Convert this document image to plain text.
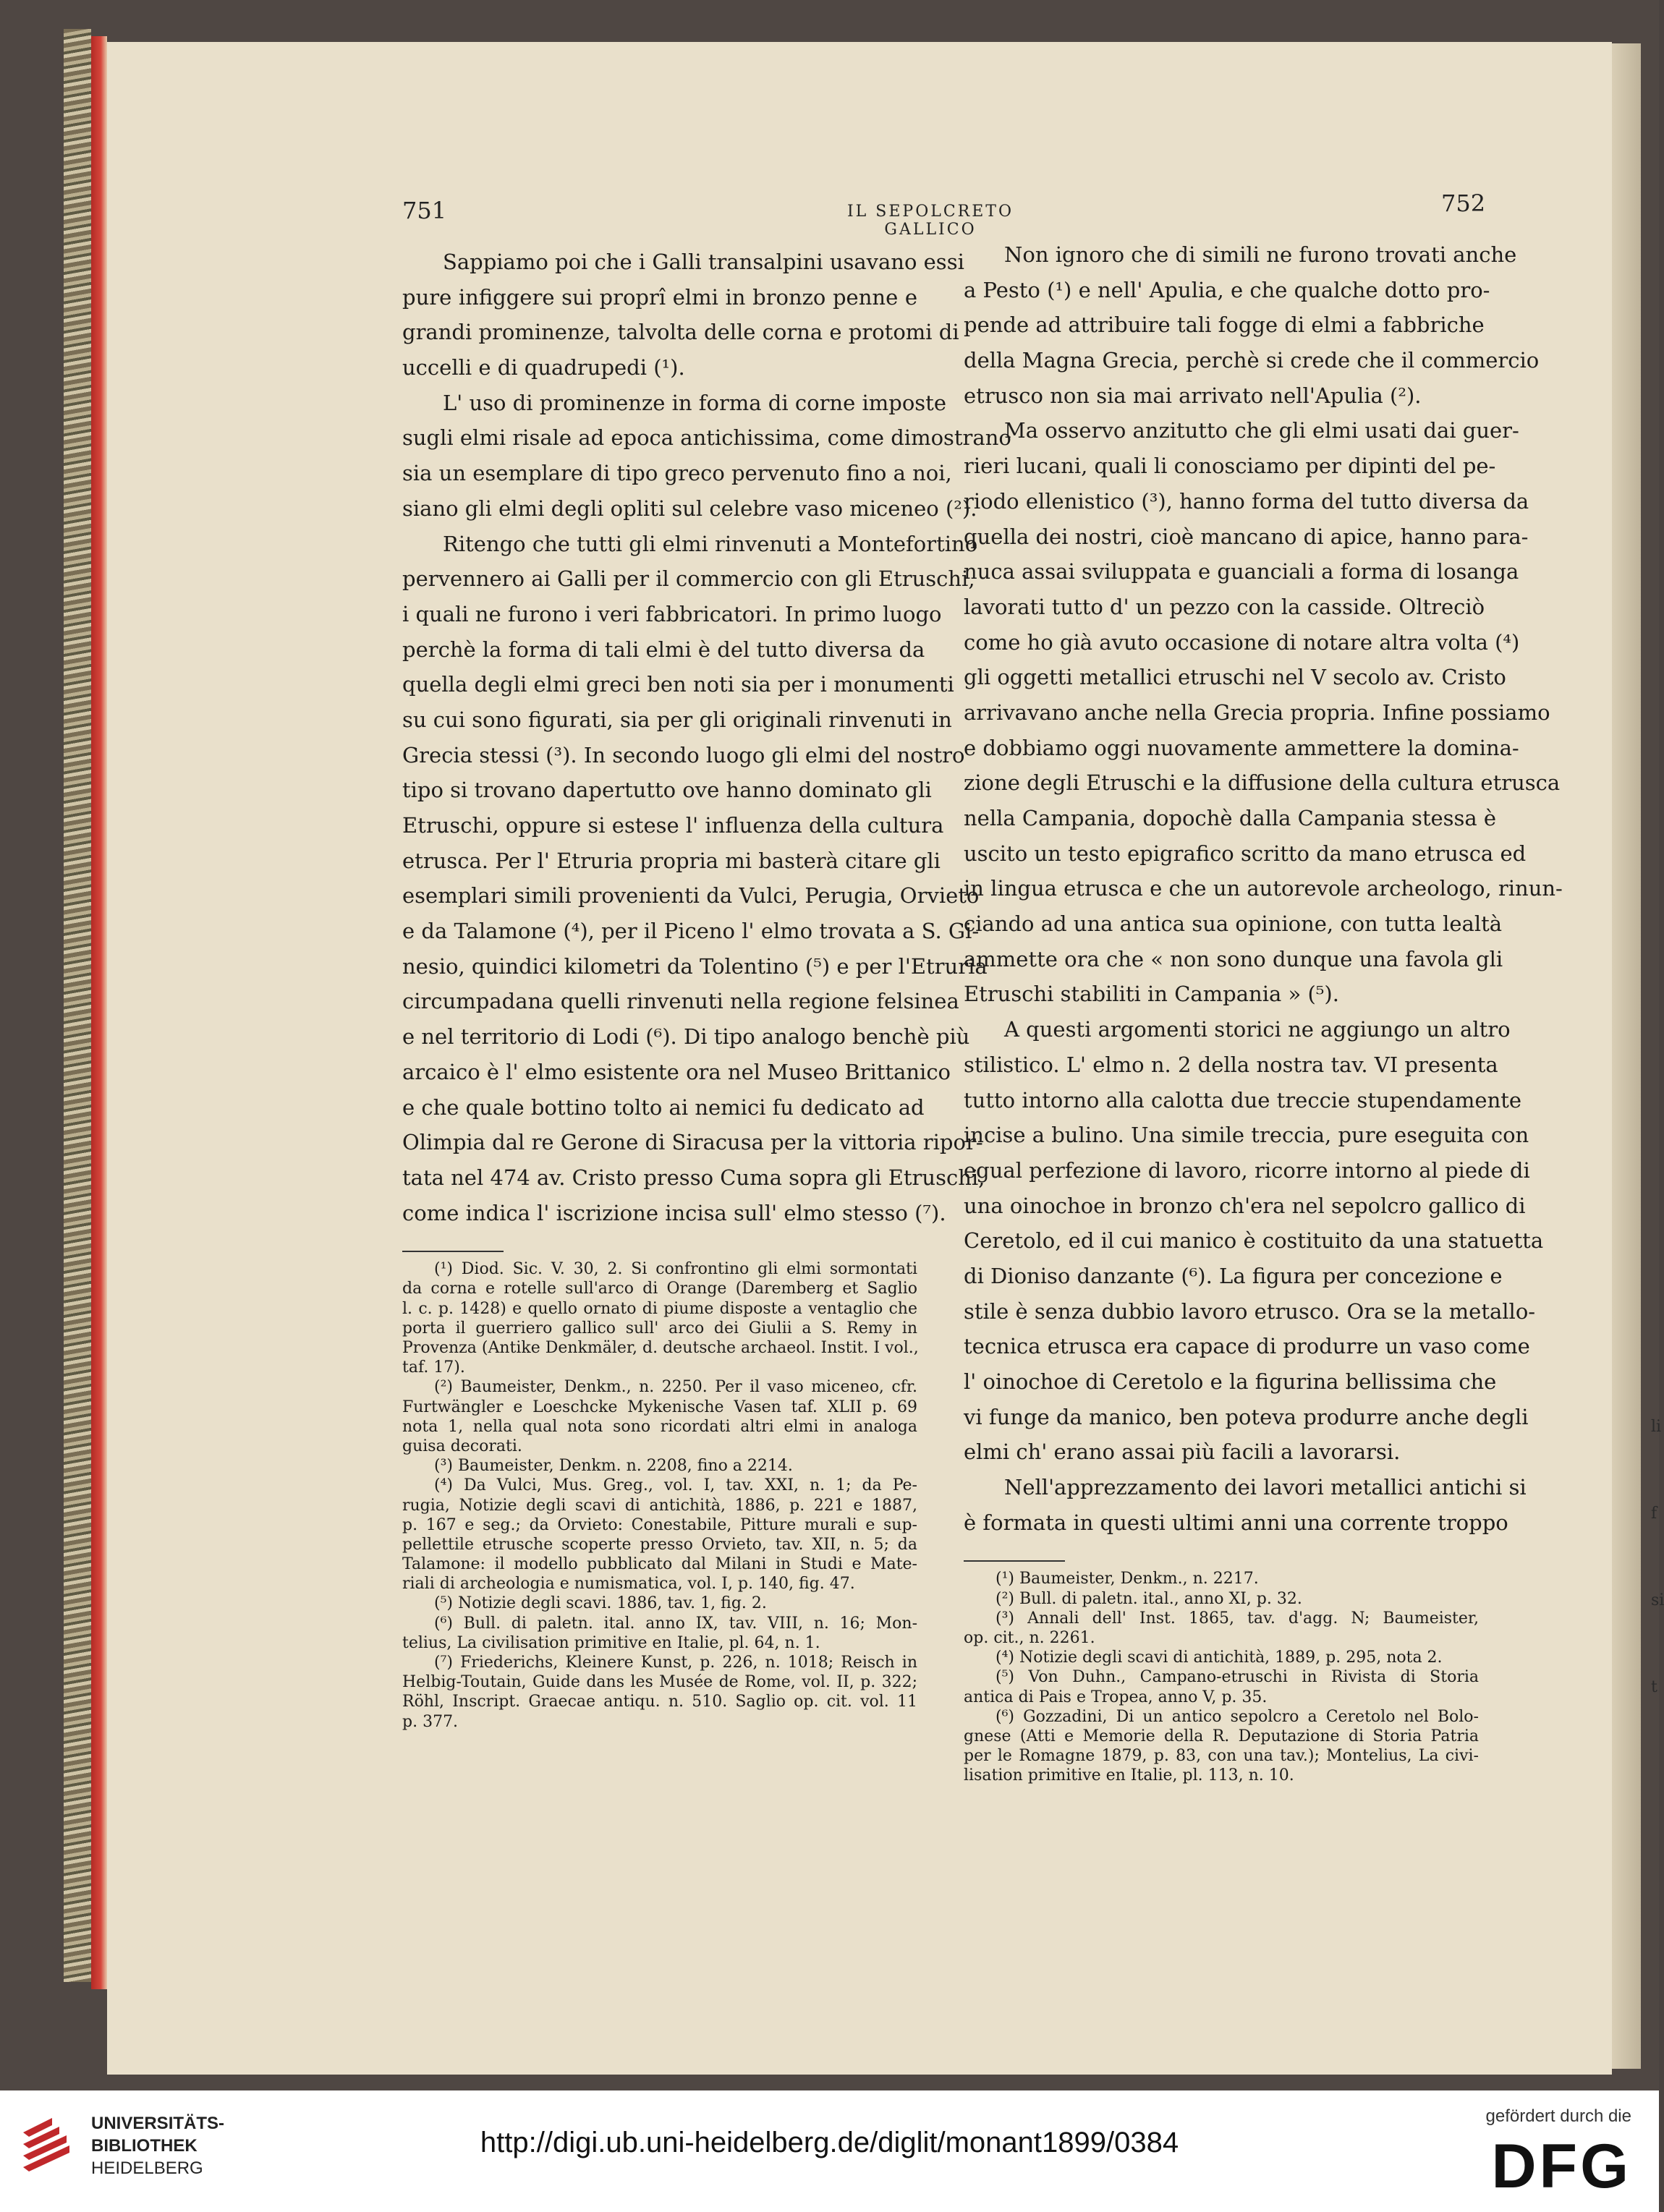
751	IL SEPOLCRETO GALLICO
752
Sappiamo poi che i Galli transalpini usavano essi
pure infiggere sui proprî elmi in bronzo penne e
grandi prominenze, talvolta delle corna e protomi di
uccelli e di quadrupedi (¹).
L' uso di prominenze in forma di corne imposte
sugli elmi risale ad epoca antichissima, come dimostrano
sia un esemplare di tipo greco pervenuto fino a noi,
siano gli elmi degli opliti sul celebre vaso miceneo (²).
Ritengo che tutti gli elmi rinvenuti a Montefortino
pervennero ai Galli per il commercio con gli Etruschi,
i quali ne furono i veri fabbricatori. In primo luogo
perchè la forma di tali elmi è del tutto diversa da
quella degli elmi greci ben noti sia per i monumenti
su cui sono figurati, sia per gli originali rinvenuti in
Grecia stessi (³). In secondo luogo gli elmi del nostro
tipo si trovano dapertutto ove hanno dominato gli
Etruschi, oppure si estese l' influenza della cultura
etrusca. Per l' Etruria propria mi basterà citare gli
esemplari simili provenienti da Vulci, Perugia, Orvieto
e da Talamone (⁴), per il Piceno l' elmo trovata a S. Gi-
nesio, quindici kilometri da Tolentino (⁵) e per l'Etruria
circumpadana quelli rinvenuti nella regione felsinea
e nel territorio di Lodi (⁶). Di tipo analogo benchè più
arcaico è l' elmo esistente ora nel Museo Brittanico
e che quale bottino tolto ai nemici fu dedicato ad
Olimpia dal re Gerone di Siracusa per la vittoria ripor-
tata nel 474 av. Cristo presso Cuma sopra gli Etruschi,
come indica l' iscrizione incisa sull' elmo stesso (⁷).
(¹) Diod. Sic. V. 30, 2. Si confrontino gli elmi sormontati
da corna e rotelle sull'arco di Orange (Daremberg et Saglio
l. c. p. 1428) e quello ornato di piume disposte a ventaglio che
porta il guerriero gallico sull' arco dei Giulii a S. Remy in
Provenza (Antike Denkmäler, d. deutsche archaeol. Instit. I vol.,
taf. 17).
(²) Baumeister, Denkm., n. 2250. Per il vaso miceneo, cfr.
Furtwängler e Loeschcke Mykenische Vasen taf. XLII p. 69
nota 1, nella qual nota sono ricordati altri elmi in analoga
guisa decorati.
(³) Baumeister, Denkm. n. 2208, fino a 2214.
(⁴) Da Vulci, Mus. Greg., vol. I, tav. XXI, n. 1; da Pe-
rugia, Notizie degli scavi di antichità, 1886, p. 221 e 1887,
p. 167 e seg.; da Orvieto: Conestabile, Pitture murali e sup-
pellettile etrusche scoperte presso Orvieto, tav. XII, n. 5; da
Talamone: il modello pubblicato dal Milani in Studi e Mate-
riali di archeologia e numismatica, vol. I, p. 140, fig. 47.
(⁵) Notizie degli scavi. 1886, tav. 1, fig. 2.
(⁶) Bull. di paletn. ital. anno IX, tav. VIII, n. 16; Mon-
telius, La civilisation primitive en Italie, pl. 64, n. 1.
(⁷) Friederichs, Kleinere Kunst, p. 226, n. 1018; Reisch in
Helbig-Toutain, Guide dans les Musée de Rome, vol. II, p. 322;
Röhl, Inscript. Graecae antiqu. n. 510. Saglio op. cit. vol. 11
p. 377.
Non ignoro che di simili ne furono trovati anche
a Pesto (¹) e nell' Apulia, e che qualche dotto pro-
pende ad attribuire tali fogge di elmi a fabbriche
della Magna Grecia, perchè si crede che il commercio
etrusco non sia mai arrivato nell'Apulia (²).
Ma osservo anzitutto che gli elmi usati dai guer-
rieri lucani, quali li conosciamo per dipinti del pe-
riodo ellenistico (³), hanno forma del tutto diversa da
quella dei nostri, cioè mancano di apice, hanno para-
nuca assai sviluppata e guanciali a forma di losanga
lavorati tutto d' un pezzo con la casside. Oltreciò
come ho già avuto occasione di notare altra volta (⁴)
gli oggetti metallici etruschi nel V secolo av. Cristo
arrivavano anche nella Grecia propria. Infine possiamo
e dobbiamo oggi nuovamente ammettere la domina-
zione degli Etruschi e la diffusione della cultura etrusca
nella Campania, dopochè dalla Campania stessa è
uscito un testo epigrafico scritto da mano etrusca ed
in lingua etrusca e che un autorevole archeologo, rinun-
ciando ad una antica sua opinione, con tutta lealtà
ammette ora che « non sono dunque una favola gli
Etruschi stabiliti in Campania » (⁵).
A questi argomenti storici ne aggiungo un altro
stilistico. L' elmo n. 2 della nostra tav. VI presenta
tutto intorno alla calotta due treccie stupendamente
incise a bulino. Una simile treccia, pure eseguita con
egual perfezione di lavoro, ricorre intorno al piede di
una oinochoe in bronzo ch'era nel sepolcro gallico di
Ceretolo, ed il cui manico è costituito da una statuetta
di Dioniso danzante (⁶). La figura per concezione e
stile è senza dubbio lavoro etrusco. Ora se la metallo-
tecnica etrusca era capace di produrre un vaso come
l' oinochoe di Ceretolo e la figurina bellissima che
vi funge da manico, ben poteva produrre anche degli
elmi ch' erano assai più facili a lavorarsi.
Nell'apprezzamento dei lavori metallici antichi si
è formata in questi ultimi anni una corrente troppo
(¹) Baumeister, Denkm., n. 2217.
(²) Bull. di paletn. ital., anno XI, p. 32.
(³) Annali dell' Inst. 1865, tav. d'agg. N; Baumeister,
op. cit., n. 2261.
(⁴) Notizie degli scavi di antichità, 1889, p. 295, nota 2.
(⁵) Von Duhn., Campano-etruschi in Rivista di Storia
antica di Pais e Tropea, anno V, p. 35.
(⁶) Gozzadini, Di un antico sepolcro a Ceretolo nel Bolo-
gnese (Atti e Memorie della R. Deputazione di Storia Patria
per le Romagne 1879, p. 83, con una tav.); Montelius, La civi-
lisation primitive en Italie, pl. 113, n. 10.
UNIVERSITÄTS-
BIBLIOTHEK
HEIDELBERG
http://digi.ub.uni-heidelberg.de/diglit/monant1899/0384
gefördert durch die
DFG
li
f
si
t
